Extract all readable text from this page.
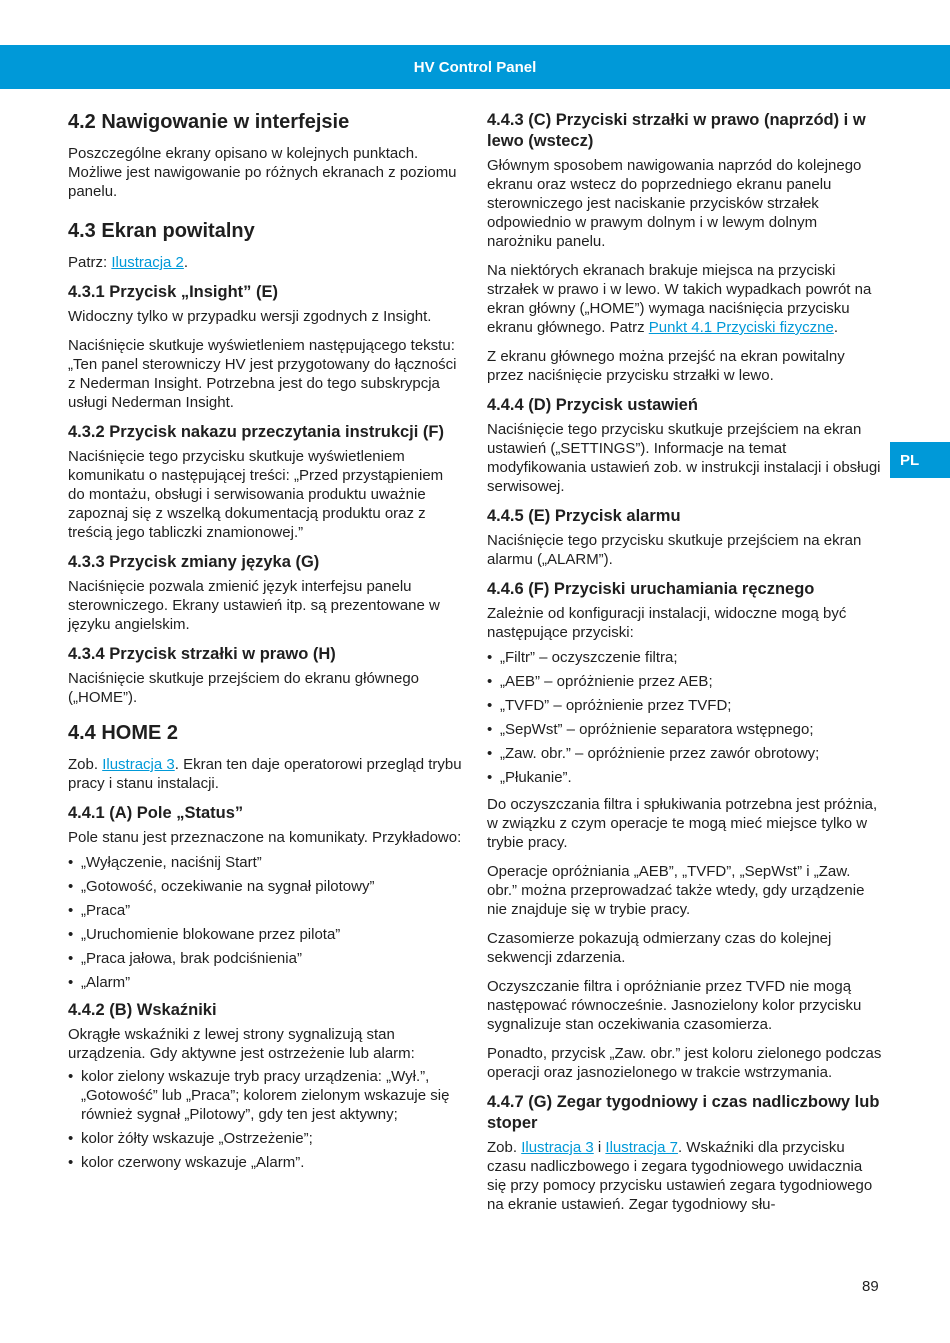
HV Control Panel
PL
4.2 Nawigowanie w interfejsie

Poszczególne ekrany opisano w kolejnych punktach. Możliwe jest nawigowanie po różnych ekranach z poziomu panelu.

4.3 Ekran powitalny

Patrz: Ilustracja 2.

4.3.1 Przycisk „Insight” (E)

Widoczny tylko w przypadku wersji zgodnych z Insight.

Naciśnięcie skutkuje wyświetleniem następującego tekstu: „Ten panel sterowniczy HV jest przygotowany do łączności z Nederman Insight. Potrzebna jest do tego subskrypcja usługi Nederman Insight.

4.3.2 Przycisk nakazu przeczytania instrukcji (F)

Naciśnięcie tego przycisku skutkuje wyświetleniem komunikatu o następującej treści: „Przed przystąpieniem do montażu, obsługi i serwisowania produktu uważnie zapoznaj się z wszelką dokumentacją produktu oraz z treścią jego tabliczki znamionowej.”

4.3.3 Przycisk zmiany języka (G)

Naciśnięcie pozwala zmienić język interfejsu panelu sterowniczego. Ekrany ustawień itp. są prezentowane w języku angielskim.

4.3.4 Przycisk strzałki w prawo (H)

Naciśnięcie skutkuje przejściem do ekranu głównego („HOME”).

4.4 HOME 2

Zob. Ilustracja 3. Ekran ten daje operatorowi przegląd trybu pracy i stanu instalacji.

4.4.1 (A) Pole „Status”

Pole stanu jest przeznaczone na komunikaty. Przykładowo:

• „Wyłączenie, naciśnij Start”
• „Gotowość, oczekiwanie na sygnał pilotowy”
• „Praca”
• „Uruchomienie blokowane przez pilota”
• „Praca jałowa, brak podciśnienia”
• „Alarm”
4.4.2 (B) Wskaźniki

Okrągłe wskaźniki z lewej strony sygnalizują stan urządzenia. Gdy aktywne jest ostrzeżenie lub alarm:

• kolor zielony wskazuje tryb pracy urządzenia: „Wył.”, „Gotowość” lub „Praca”; kolorem zielonym wskazuje się również sygnał „Pilotowy”, gdy ten jest aktywny;
• kolor żółty wskazuje „Ostrzeżenie”;
• kolor czerwony wskazuje „Alarm”.
4.4.3 (C) Przyciski strzałki w prawo (naprzód) i w lewo (wstecz)

Głównym sposobem nawigowania naprzód do kolejnego ekranu oraz wstecz do poprzedniego ekranu panelu sterowniczego jest naciskanie przycisków strzałek odpowiednio w prawym dolnym i w lewym dolnym narożniku panelu.

Na niektórych ekranach brakuje miejsca na przyciski strzałek w prawo i w lewo. W takich wypadkach powrót na ekran główny („HOME”) wymaga naciśnięcia przycisku ekranu głównego. Patrz Punkt 4.1 Przyciski fizyczne.

Z ekranu głównego można przejść na ekran powitalny przez naciśnięcie przycisku strzałki w lewo.

4.4.4 (D) Przycisk ustawień

Naciśnięcie tego przycisku skutkuje przejściem na ekran ustawień („SETTINGS”). Informacje na temat modyfikowania ustawień zob. w instrukcji instalacji i obsługi serwisowej.

4.4.5 (E) Przycisk alarmu

Naciśnięcie tego przycisku skutkuje przejściem na ekran alarmu („ALARM”).

4.4.6 (F) Przyciski uruchamiania ręcznego

Zależnie od konfiguracji instalacji, widoczne mogą być następujące przyciski:

• „Filtr” – oczyszczenie filtra;
• „AEB” – opróżnienie przez AEB;
• „TVFD” – opróżnienie przez TVFD;
• „SepWst” – opróżnienie separatora wstępnego;
• „Zaw. obr.” – opróżnienie przez zawór obrotowy;
• „Płukanie”.

Do oczyszczania filtra i spłukiwania potrzebna jest próżnia, w związku z czym operacje te mogą mieć miejsce tylko w trybie pracy.

Operacje opróżniania „AEB”, „TVFD”, „SepWst” i „Zaw. obr.” można przeprowadzać także wtedy, gdy urządzenie nie znajduje się w trybie pracy.

Czasomierze pokazują odmierzany czas do kolejnej sekwencji zdarzenia.

Oczyszczanie filtra i opróżnianie przez TVFD nie mogą następować równocześnie. Jasnozielony kolor przycisku sygnalizuje stan oczekiwania czasomierza.

Ponadto, przycisk „Zaw. obr.” jest koloru zielonego podczas operacji oraz jasnozielonego w trakcie wstrzymania.

4.4.7 (G) Zegar tygodniowy i czas nadliczbowy lub stoper

Zob. Ilustracja 3 i Ilustracja 7. Wskaźniki dla przycisku czasu nadliczbowego i zegara tygodniowego uwidacznia się przy pomocy przycisku ustawień zegara tygodniowego na ekranie ustawień. Zegar tygodniowy słu-

89
